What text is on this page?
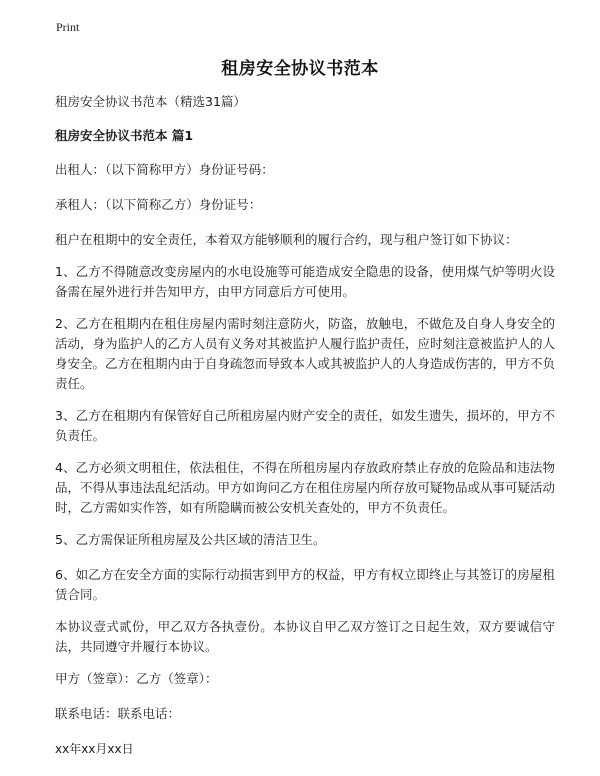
Print
租房安全协议书范本

租房安全协议书范本（精选31篇）

租房安全协议书范本 篇1

出租人：（以下简称甲方）身份证号码：

承租人：（以下简称乙方）身份证号：

租户在租期中的安全责任，本着双方能够顺利的履行合约，现与租户签订如下协议：

1、乙方不得随意改变房屋内的水电设施等可能造成安全隐患的设备，使用煤气炉等明火设备需在屋外进行并告知甲方，由甲方同意后方可使用。

2、乙方在租期内在租住房屋内需时刻注意防火，防盗，放触电，不做危及自身人身安全的活动，身为监护人的乙方人员有义务对其被监护人履行监护责任，应时刻注意被监护人的人身安全。乙方在租期内由于自身疏忽而导致本人或其被监护人的人身造成伤害的，甲方不负责任。

3、乙方在租期内有保管好自己所租房屋内财产安全的责任，如发生遗失，损坏的，甲方不负责任。

4、乙方必须文明租住，依法租住，不得在所租房屋内存放政府禁止存放的危险品和违法物品，不得从事违法乱纪活动。甲方如询问乙方在租住房屋内所存放可疑物品或从事可疑活动时，乙方需如实作答，如有所隐瞒而被公安机关查处的，甲方不负责任。

5、乙方需保证所租房屋及公共区域的清洁卫生。

6、如乙方在安全方面的实际行动损害到甲方的权益，甲方有权立即终止与其签订的房屋租赁合同。

本协议壹式贰份，甲乙双方各执壹份。本协议自甲乙双方签订之日起生效，双方要诚信守法，共同遵守并履行本协议。

甲方（签章）：乙方（签章）：

联系电话：联系电话：

xx年xx月xx日
